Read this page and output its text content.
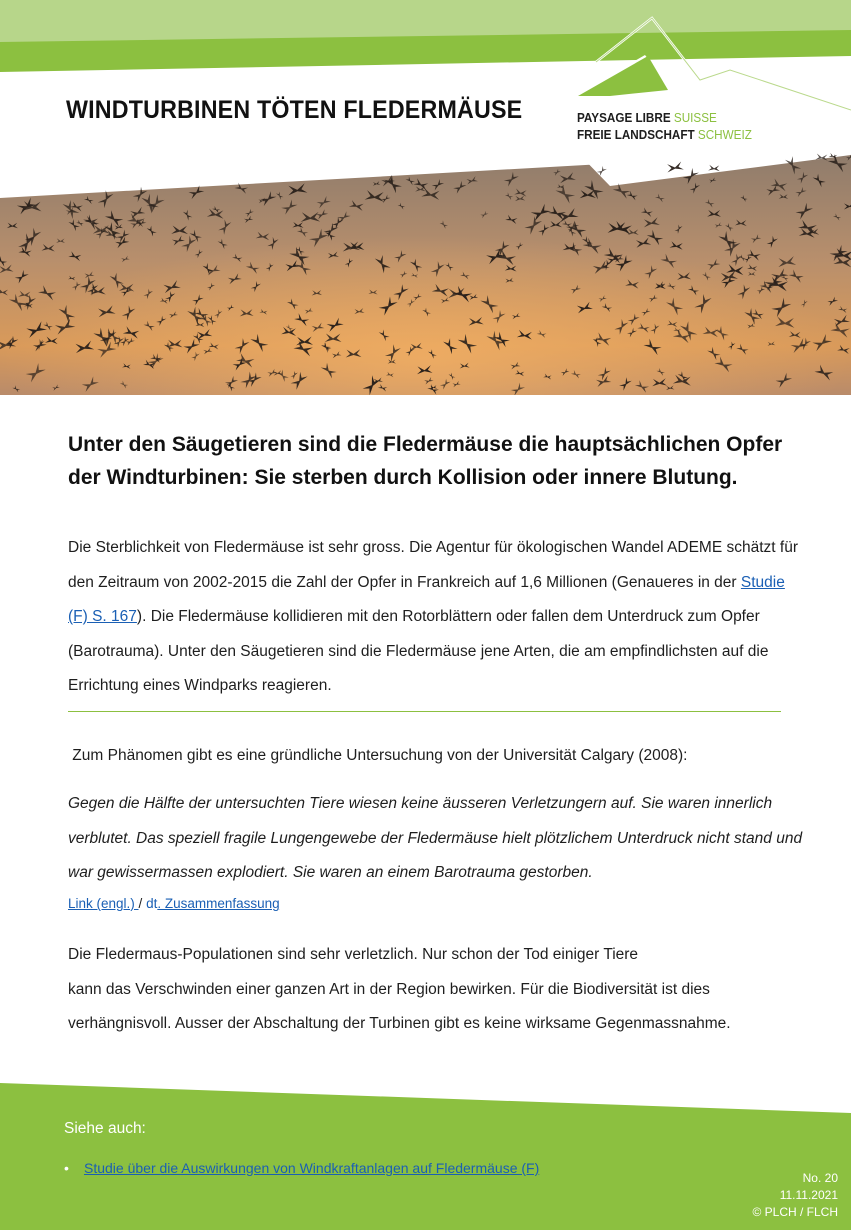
WINDTURBINEN TÖTEN FLEDERMÄUSE	PAYSAGE LIBRE SUISSE
FREIE LANDSCHAFT SCHWEIZ
Unter den Säugetieren sind die Fledermäuse die hauptsächlichen Opfer der Windturbinen: Sie sterben durch Kollision oder innere Blutung.
Die Sterblichkeit von Fledermäuse ist sehr gross. Die Agentur für ökologischen Wandel ADEME schätzt für den Zeitraum von 2002-2015 die Zahl der Opfer in Frankreich auf 1,6 Millionen (Genaueres in der Studie (F) S. 167). Die Fledermäuse kollidieren mit den Rotorblättern oder fallen dem Unterdruck zum Opfer (Barotrauma). Unter den Säugetieren sind die Fledermäuse jene Arten, die am empfindlichsten auf die Errichtung eines Windparks reagieren.
Zum Phänomen gibt es eine gründliche Untersuchung von der Universität Calgary (2008):
Gegen die Hälfte der untersuchten Tiere wiesen keine äusseren Verletzungern auf. Sie waren innerlich verblutet. Das speziell fragile Lungengewebe der Fledermäuse hielt plötzlichem Unterdruck nicht stand und war gewissermassen explodiert. Sie waren an einem Barotrauma gestorben.
Link (engl.) / dt. Zusammenfassung
Die Fledermaus-Populationen sind sehr verletzlich. Nur schon der Tod einiger Tiere
kann das Verschwinden einer ganzen Art in der Region bewirken. Für die Biodiversität ist dies verhängnisvoll. Ausser der Abschaltung der Turbinen gibt es keine wirksame Gegenmassnahme.
Siehe auch:
• Studie über die Auswirkungen von Windkraftanlagen auf Fledermäuse (F)
No. 20
11.11.2021
© PLCH / FLCH
